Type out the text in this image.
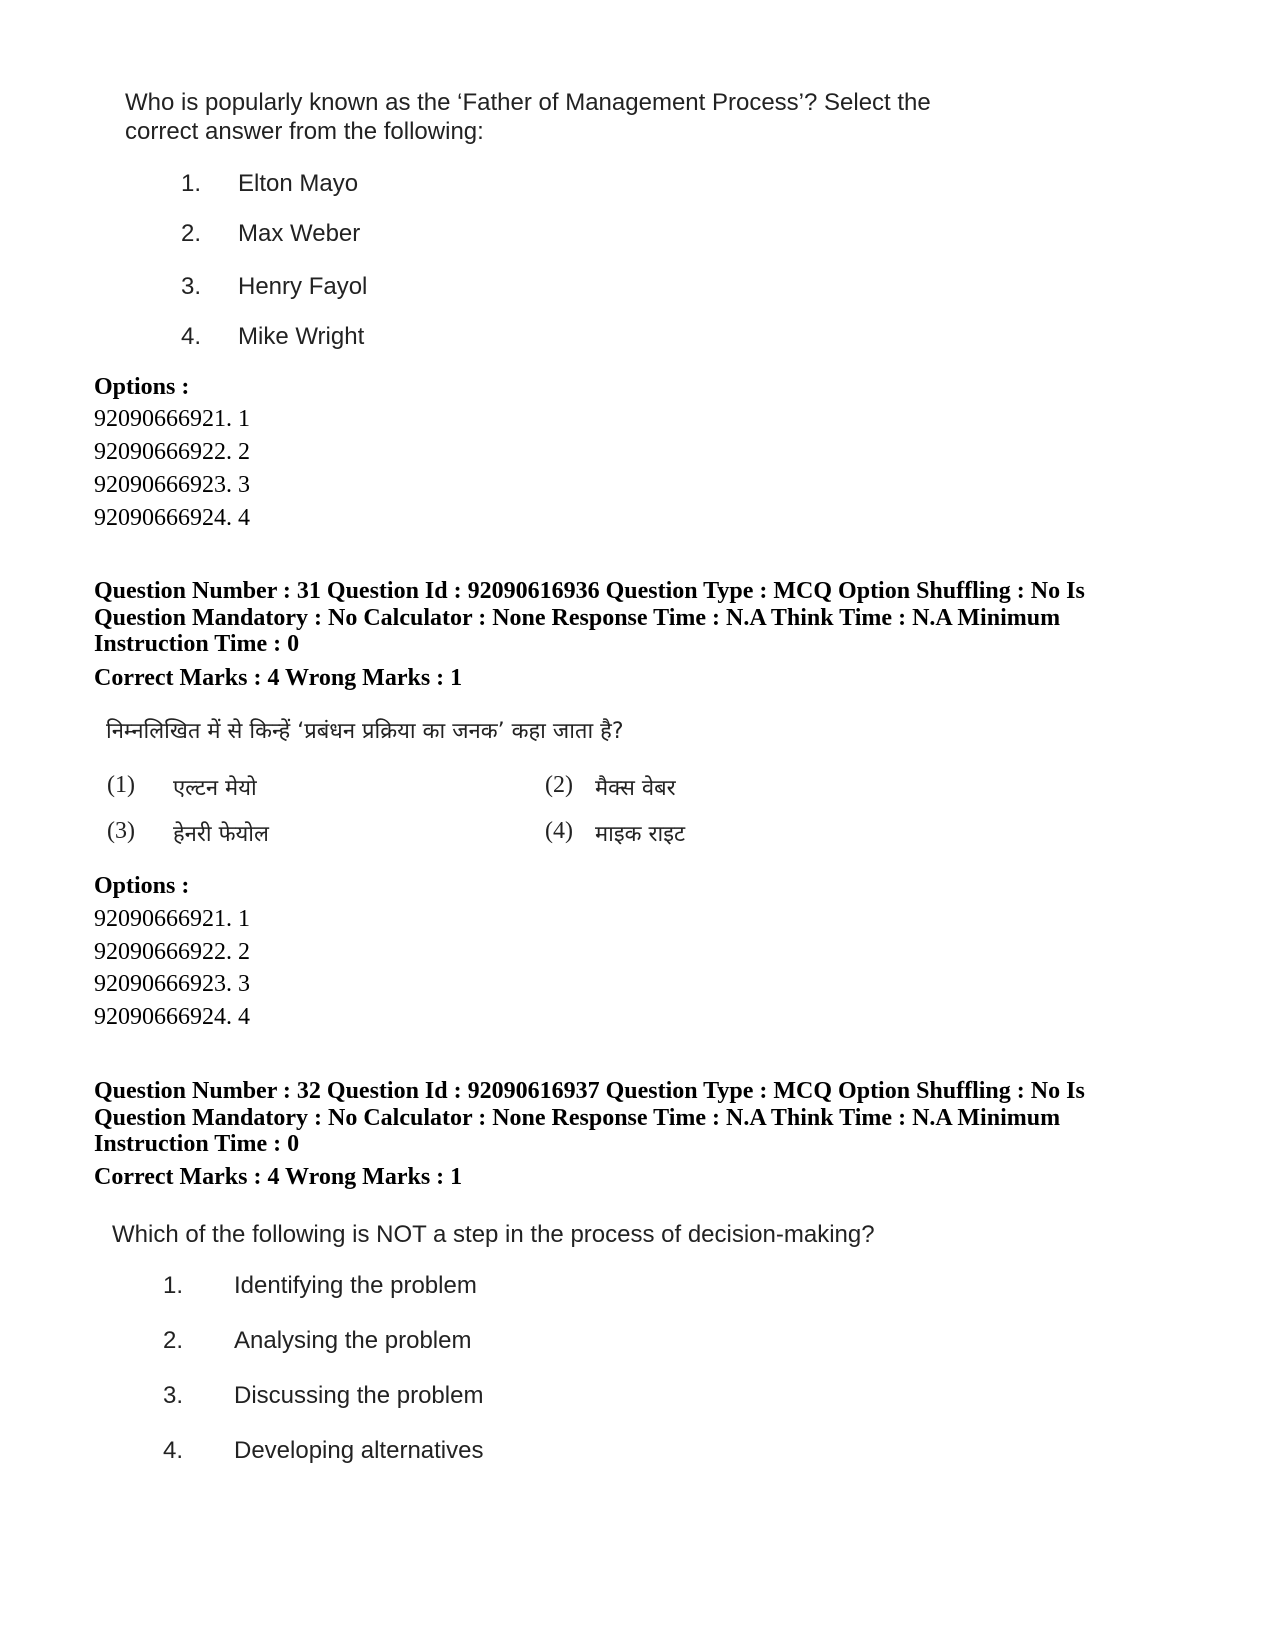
Who is popularly known as the ‘Father of Management Process’? Select the
correct answer from the following:
1. Elton Mayo
2. Max Weber
3. Henry Fayol
4. Mike Wright
Options :
92090666921. 1
92090666922. 2
92090666923. 3
92090666924. 4
Question Number : 31 Question Id : 92090616936 Question Type : MCQ Option Shuffling : No Is
Question Mandatory : No Calculator : None Response Time : N.A Think Time : N.A Minimum
Instruction Time : 0
Correct Marks : 4 Wrong Marks : 1
निम्नलिखित में से किन्हें ‘प्रबंधन प्रक्रिया का जनक’ कहा जाता है?
(1) एल्टन मेयो	(2) मैक्स वेबर
(3) हेनरी फेयोल	(4) माइक राइट
Options :
92090666921. 1
92090666922. 2
92090666923. 3
92090666924. 4
Question Number : 32 Question Id : 92090616937 Question Type : MCQ Option Shuffling : No Is
Question Mandatory : No Calculator : None Response Time : N.A Think Time : N.A Minimum
Instruction Time : 0
Correct Marks : 4 Wrong Marks : 1
Which of the following is NOT a step in the process of decision-making?
1. Identifying the problem
2. Analysing the problem
3. Discussing the problem
4. Developing alternatives
